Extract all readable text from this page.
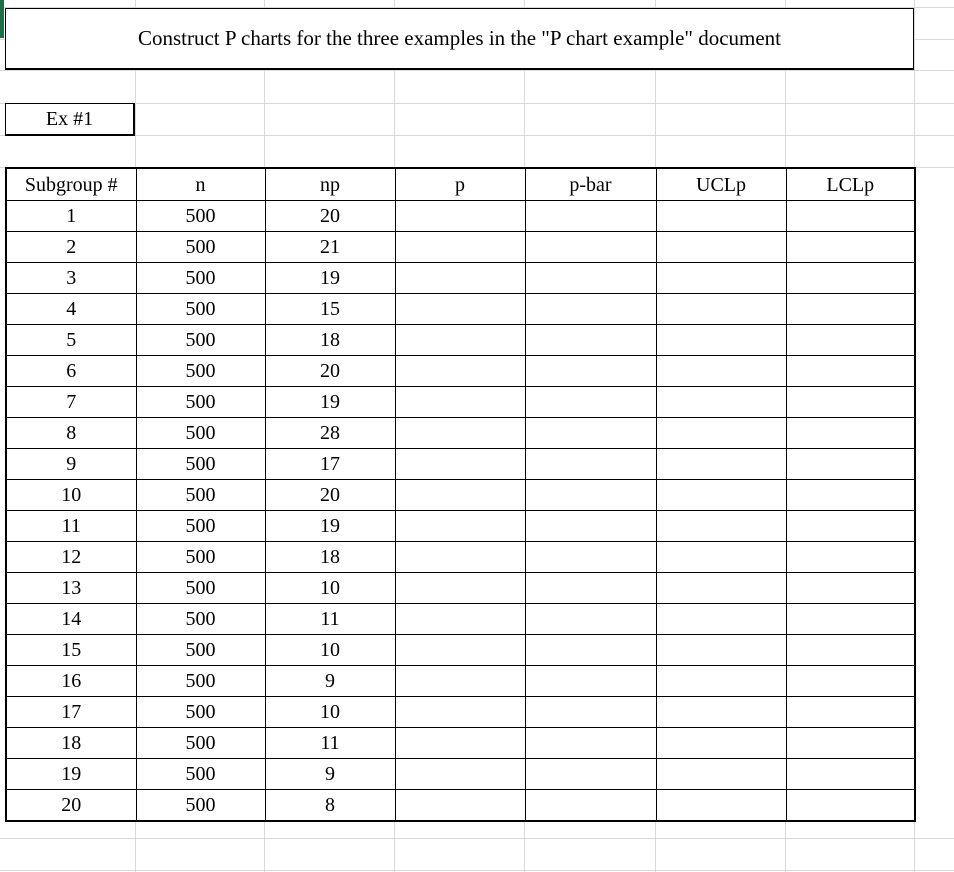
Construct P charts for the three examples in the "P chart example" document
Ex #1
Subgroup #	n	np	p	p-bar	UCLp	LCLp
1	500	20				
2	500	21				
3	500	19				
4	500	15				
5	500	18				
6	500	20				
7	500	19				
8	500	28				
9	500	17				
10	500	20				
11	500	19				
12	500	18				
13	500	10				
14	500	11				
15	500	10				
16	500	9				
17	500	10				
18	500	11				
19	500	9				
20	500	8				
